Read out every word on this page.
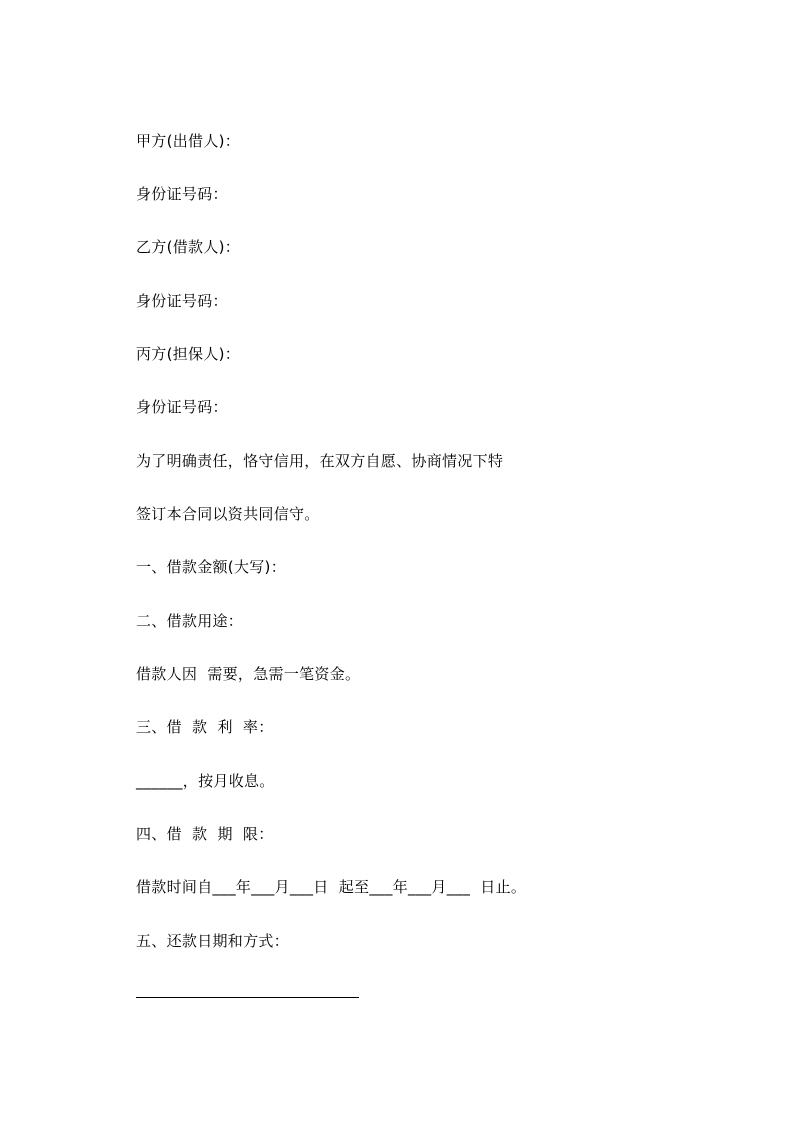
甲方(出借人)：
身份证号码：
乙方(借款人)：
身份证号码：
丙方(担保人)：
身份证号码：
为了明确责任，恪守信用，在双方自愿、协商情况下特
签订本合同以资共同信守。
一、借款金额(大写)：
二、借款用途：
借款人因  需要，急需一笔资金。
三、借  款  利  率：
______，按月收息。
四、借  款  期  限：
借款时间自___年___月___日  起至___年___月___  日止。
五、还款日期和方式：
